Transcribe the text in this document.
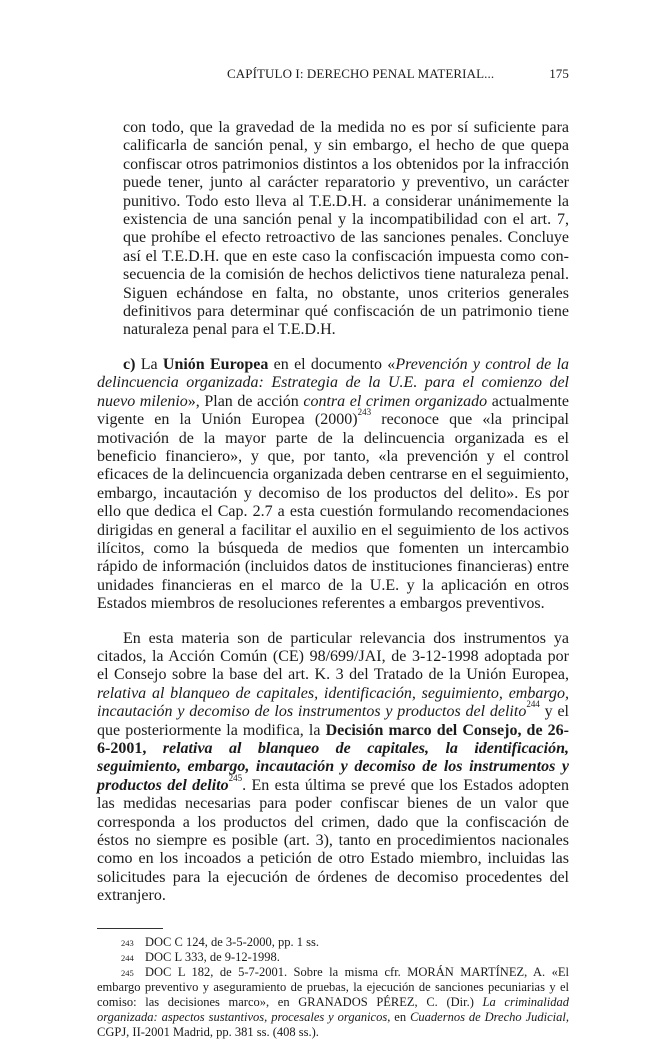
CAPÍTULO I: DERECHO PENAL MATERIAL...	175

con todo, que la gravedad de la medida no es por sí suficiente para calificarla de sanción penal, y sin embargo, el hecho de que quepa confiscar otros patrimonios distintos a los obtenidos por la infracción puede tener, junto al carácter reparatorio y preventivo, un carácter punitivo. Todo esto lleva al T.E.D.H. a considerar unánimemente la existencia de una sanción penal y la incompatibilidad con el art. 7, que prohíbe el efecto retroactivo de las sanciones penales. Concluye así el T.E.D.H. que en este caso la confiscación impuesta como consecuencia de la comisión de hechos delictivos tiene naturaleza penal. Siguen echándose en falta, no obstante, unos criterios generales definitivos para determinar qué confiscación de un patrimonio tiene naturaleza penal para el T.E.D.H.

c) La Unión Europea en el documento «Prevención y control de la delincuencia organizada: Estrategia de la U.E. para el comienzo del nuevo milenio», Plan de acción contra el crimen organizado actualmente vigente en la Unión Europea $(2000)^{243}$ reconoce que «la principal motivación de la mayor parte de la delincuencia organizada es el beneficio financiero», y que, por tanto, «la prevención y el control eficaces de la delincuencia organizada deben centrarse en el seguimiento, embargo, incautación y decomiso de los productos del delito». Es por ello que dedica el Cap. 2.7 a esta cuestión formulando recomendaciones dirigidas en general a facilitar el auxilio en el seguimiento de los activos ilícitos, como la búsqueda de medios que fomenten un intercambio rápido de información (incluidos datos de instituciones financieras) entre unidades financieras en el marco de la U.E. y la aplicación en otros Estados miembros de resoluciones referentes a embargos preventivos.

En esta materia son de particular relevancia dos instrumentos ya citados, la Acción Común (CE) 98/699/JAI, de 3-12-1998 adoptada por el Consejo sobre la base del art. K. 3 del Tratado de la Unión Europea, relativa al blanqueo de capitales, identificación, seguimiento, embargo, incautación y decomiso de los instrumentos y productos del delito$^{244}$ y el que posteriormente la modifica, la Decisión marco del Consejo, de 26-6-2001, relativa al blanqueo de capitales, la identificación, seguimiento, embargo, incautación y decomiso de los instrumentos y productos del delito$^{245}$. En esta última se prevé que los Estados adopten las medidas necesarias para poder confiscar bienes de un valor que corresponda a los productos del crimen, dado que la confiscación de éstos no siempre es posible (art. 3), tanto en procedimientos nacionales como en los incoados a petición de otro Estado miembro, incluidas las solicitudes para la ejecución de órdenes de decomiso procedentes del extranjero.

243 DOC C 124, de 3-5-2000, pp. 1 ss.

244 DOC L 333, de 9-12-1998.

245 DOC L 182, de 5-7-2001. Sobre la misma cfr. MORÁN MARTÍNEZ, A. «El embargo preventivo y aseguramiento de pruebas, la ejecución de sanciones pecuniarias y el comiso: las decisiones marco», en GRANADOS PÉREZ, C. (Dir.) La criminalidad organizada: aspectos sustantivos, procesales y organicos, en Cuadernos de Drecho Judicial, CGPJ, II-2001 Madrid, pp. 381 ss. (408 ss.).
